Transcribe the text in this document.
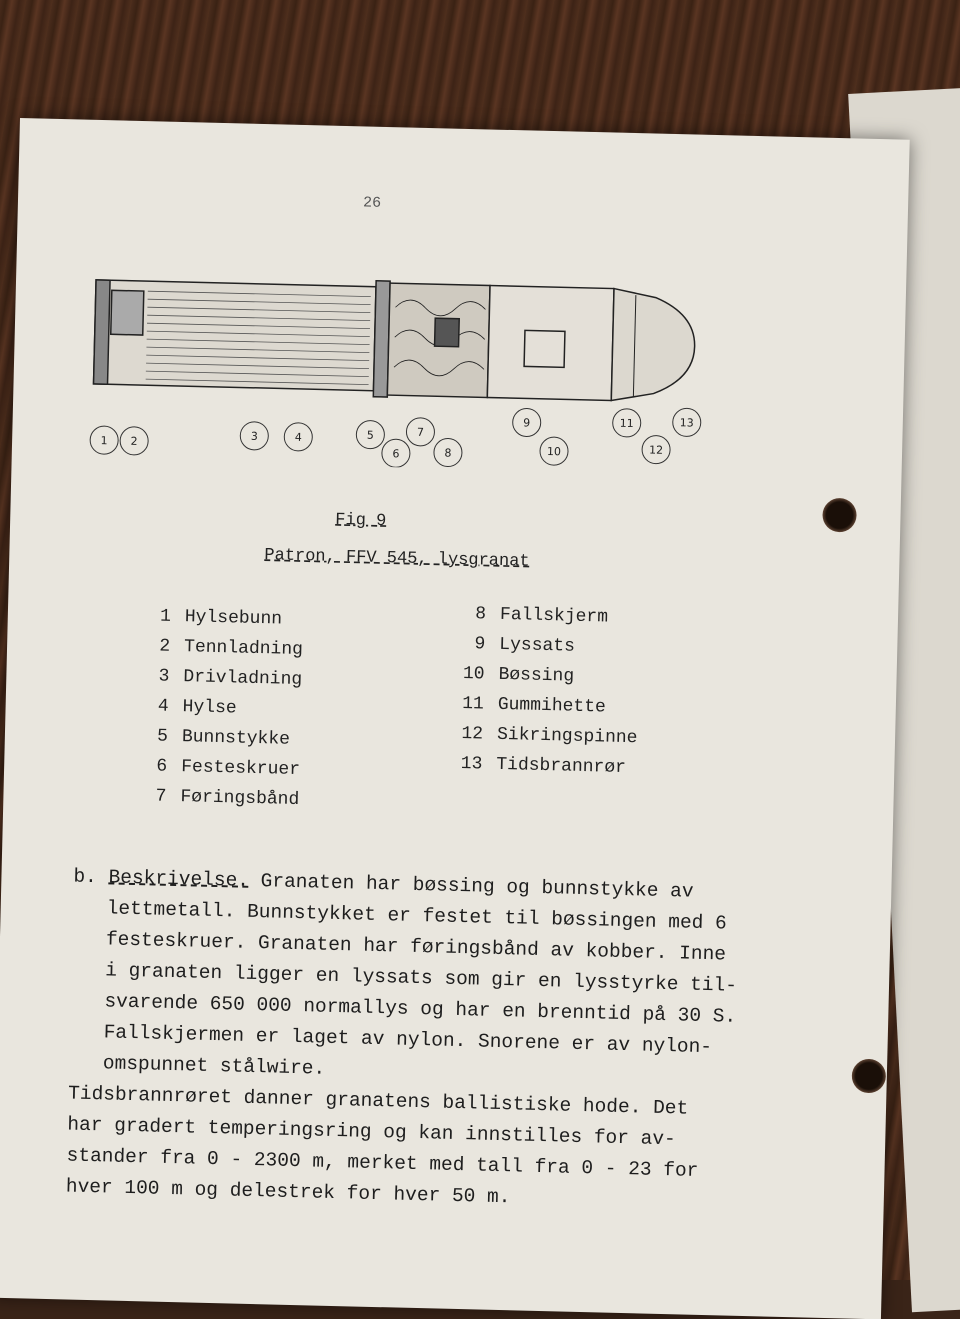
26
1 2	3	4	5
6
7
8
9
10
11
12
13
Fig 9
Patron, FFV 545, lysgranat
1 Hylsebunn
2 Tennladning
3 Drivladning
4 Hylse
5 Bunnstykke
6 Festeskruer
7 Føringsbånd
8 Fallskjerm
9 Lyssats
10 Bøssing
11 Gummihette
12 Sikringspinne
13 Tidsbrannrør
b. Beskrivelse. Granaten har bøssing og bunnstykke av
lettmetall. Bunnstykket er festet til bøssingen med 6
festeskruer. Granaten har føringsbånd av kobber. Inne
i granaten ligger en lyssats som gir en lysstyrke til-
svarende 650 000 normallys og har en brenntid på 30 S.
Fallskjermen er laget av nylon. Snorene er av nylon-
omspunnet stålwire.
Tidsbrannrøret danner granatens ballistiske hode. Det
har gradert temperingsring og kan innstilles for av-
stander fra 0 - 2300 m, merket med tall fra 0 - 23 for
hver 100 m og delestrek for hver 50 m.
